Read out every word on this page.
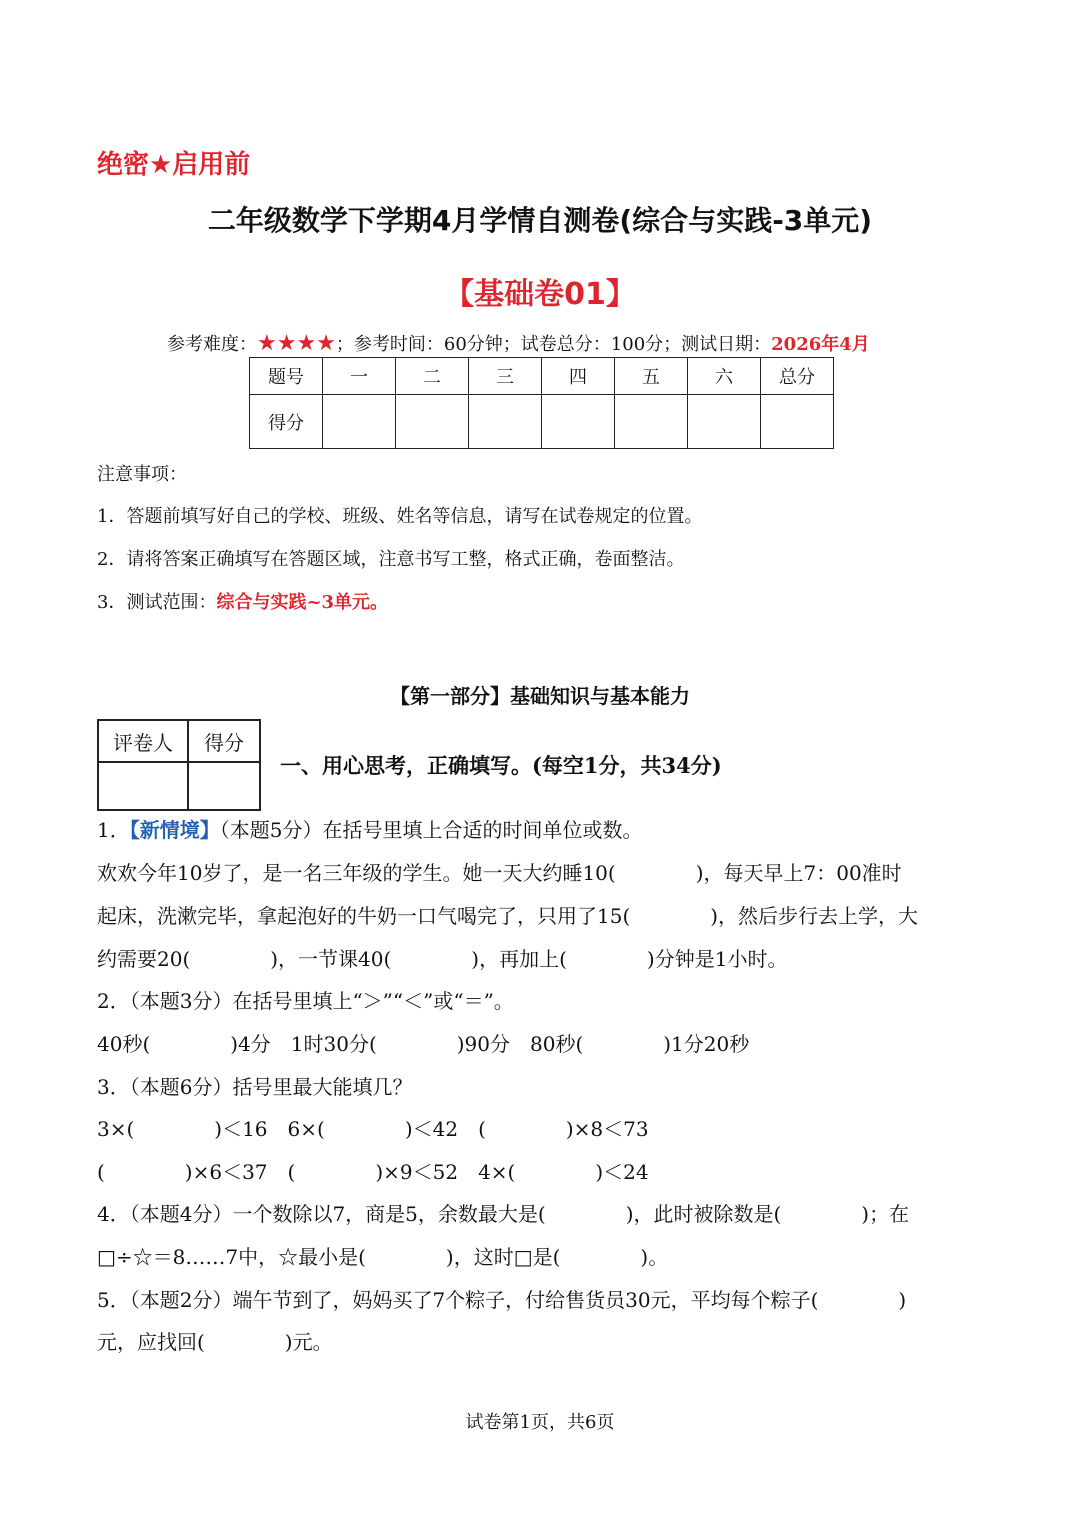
绝密★启用前
二年级数学下学期4月学情自测卷(综合与实践-3单元)
【基础卷01】
参考难度：★★★★；参考时间：60分钟；试卷总分：100分；测试日期：2026年4月
题号	一	二	三	四	五	六	总分
得分							
注意事项：
1．答题前填写好自己的学校、班级、姓名等信息，请写在试卷规定的位置。
2．请将答案正确填写在答题区域，注意书写工整，格式正确，卷面整洁。
3．测试范围：综合与实践~3单元。
【第一部分】基础知识与基本能力
评卷人	得分

一、用心思考，正确填写。(每空1分，共34分)
1．【新情境】（本题5分）在括号里填上合适的时间单位或数。
欢欢今年10岁了，是一名三年级的学生。她一天大约睡10(　　　　)，每天早上7：00准时
起床，洗漱完毕，拿起泡好的牛奶一口气喝完了，只用了15(　　　　)，然后步行去上学，大
约需要20(　　　　)，一节课40(　　　　)，再加上(　　　　)分钟是1小时。
2．（本题3分）在括号里填上“＞”“＜”或“＝”。
40秒(　　　　)4分　1时30分(　　　　)90分　80秒(　　　　)1分20秒
3．（本题6分）括号里最大能填几？
3×(　　　　)＜16　6×(　　　　)＜42　(　　　　)×8＜73
(　　　　)×6＜37　(　　　　)×9＜52　4×(　　　　)＜24
4．（本题4分）一个数除以7，商是5，余数最大是(　　　　)，此时被除数是(　　　　)；在
□÷☆＝8……7中，☆最小是(　　　　)，这时□是(　　　　)。
5．（本题2分）端午节到了，妈妈买了7个粽子，付给售货员30元，平均每个粽子(　　　　)
元，应找回(　　　　)元。
试卷第1页，共6页
